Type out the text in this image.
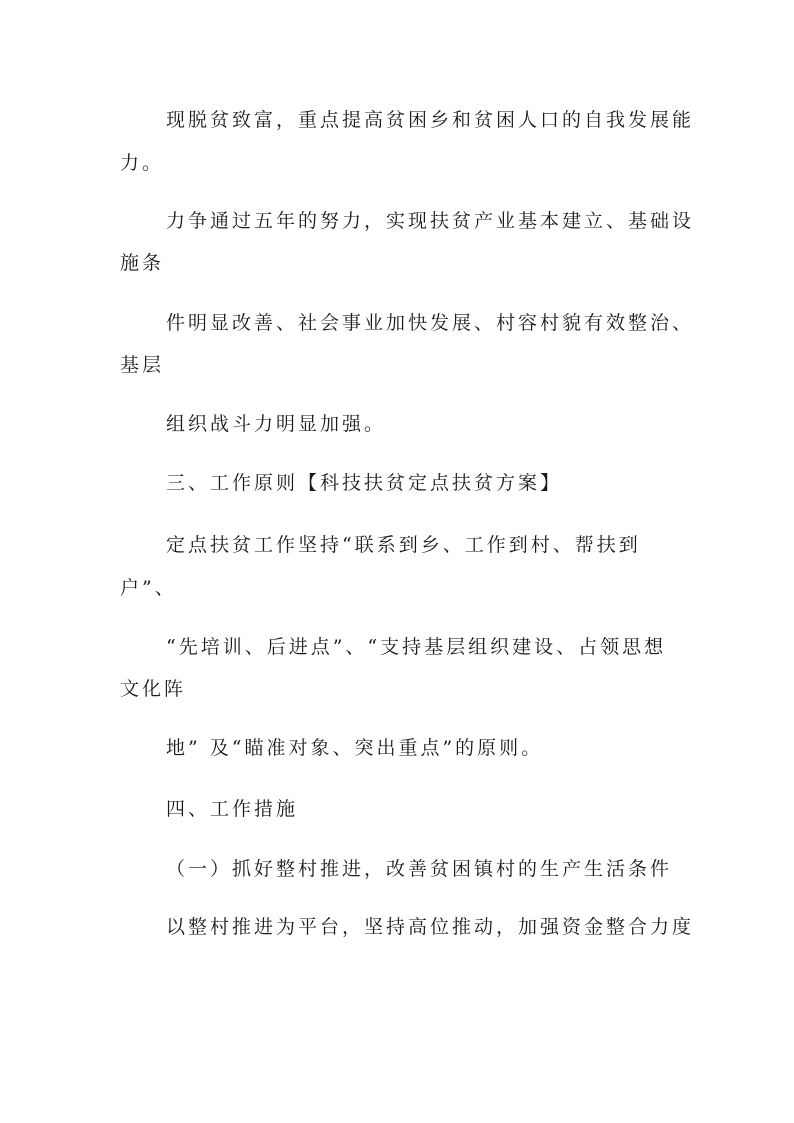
现脱贫致富，重点提高贫困乡和贫困人口的自我发展能
力。
力争通过五年的努力，实现扶贫产业基本建立、基础设
施条
件明显改善、社会事业加快发展、村容村貌有效整治、
基层
组织战斗力明显加强。
三、工作原则【科技扶贫定点扶贫方案】
定点扶贫工作坚持“联系到乡、工作到村、帮扶到
户”、
“先培训、后进点”、“支持基层组织建设、占领思想
文化阵
地” 及“瞄准对象、突出重点”的原则。
四、工作措施
（一）抓好整村推进，改善贫困镇村的生产生活条件
以整村推进为平台，坚持高位推动，加强资金整合力度
